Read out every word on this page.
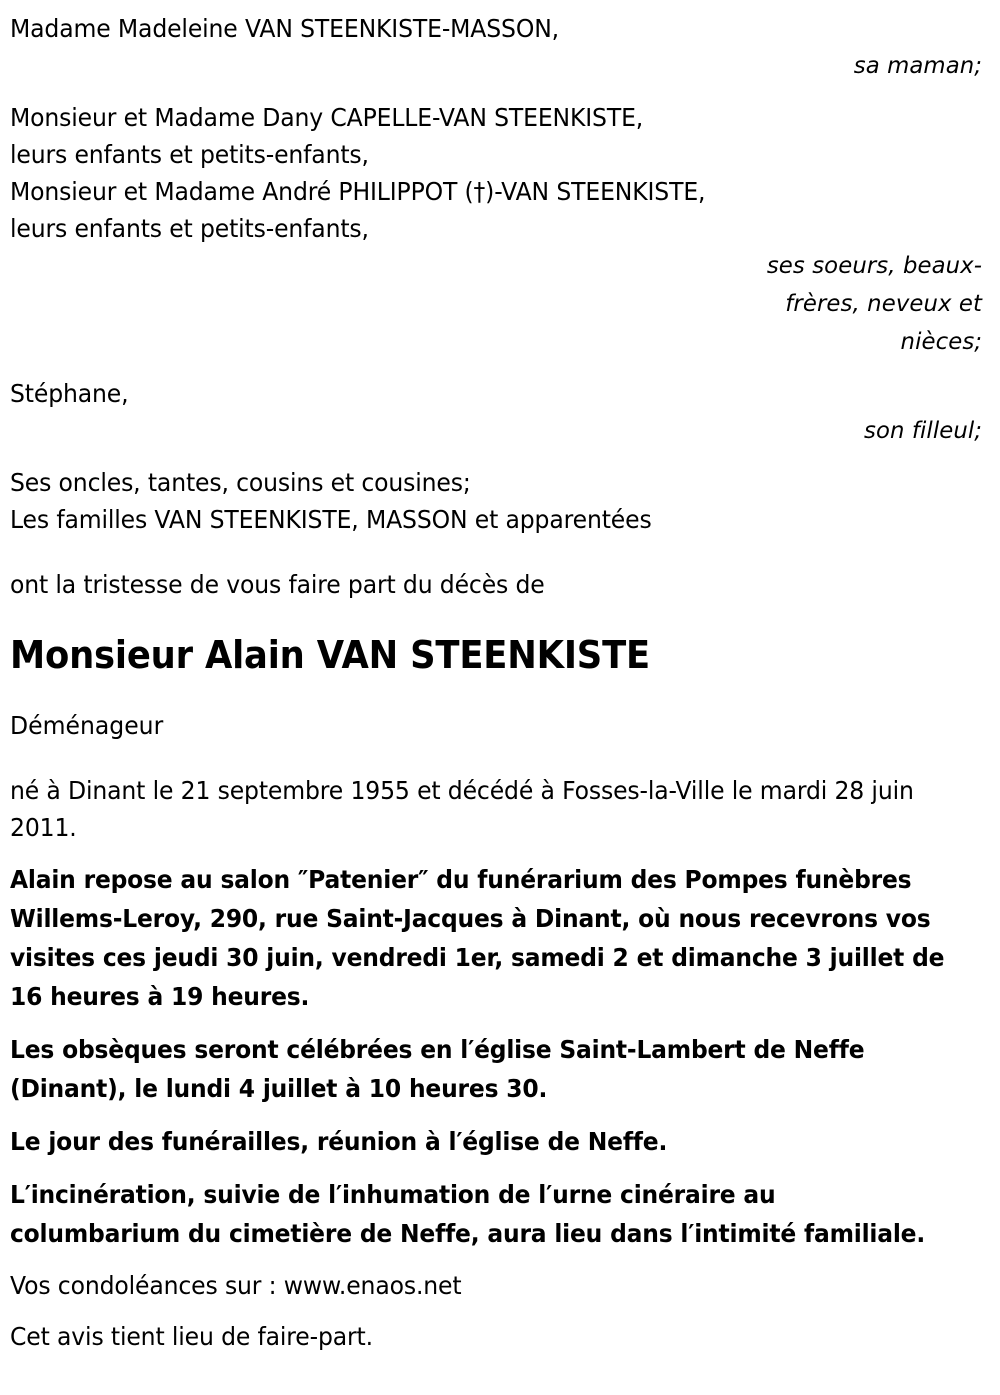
Madame Madeleine VAN STEENKISTE-MASSON,
sa maman;
Monsieur et Madame Dany CAPELLE-VAN STEENKISTE,
leurs enfants et petits-enfants,
Monsieur et Madame André PHILIPPOT (†)-VAN STEENKISTE,
leurs enfants et petits-enfants,
ses soeurs, beaux-
frères, neveux et
nièces;
Stéphane,
son filleul;
Ses oncles, tantes, cousins et cousines;
Les familles VAN STEENKISTE, MASSON et apparentées
ont la tristesse de vous faire part du décès de
Monsieur Alain VAN STEENKISTE
Déménageur
né à Dinant le 21 septembre 1955 et décédé à Fosses-la-Ville le mardi 28 juin 2011.
Alain repose au salon ″Patenier″ du funérarium des Pompes funèbres Willems-Leroy, 290, rue Saint-Jacques à Dinant, où nous recevrons vos visites ces jeudi 30 juin, vendredi 1er, samedi 2 et dimanche 3 juillet de 16 heures à 19 heures.
Les obsèques seront célébrées en l′église Saint-Lambert de Neffe (Dinant), le lundi 4 juillet à 10 heures 30.
Le jour des funérailles, réunion à l′église de Neffe.
L′incinération, suivie de l′inhumation de l′urne cinéraire au columbarium du cimetière de Neffe, aura lieu dans l′intimité familiale.
Vos condoléances sur : www.enaos.net
Cet avis tient lieu de faire-part.
